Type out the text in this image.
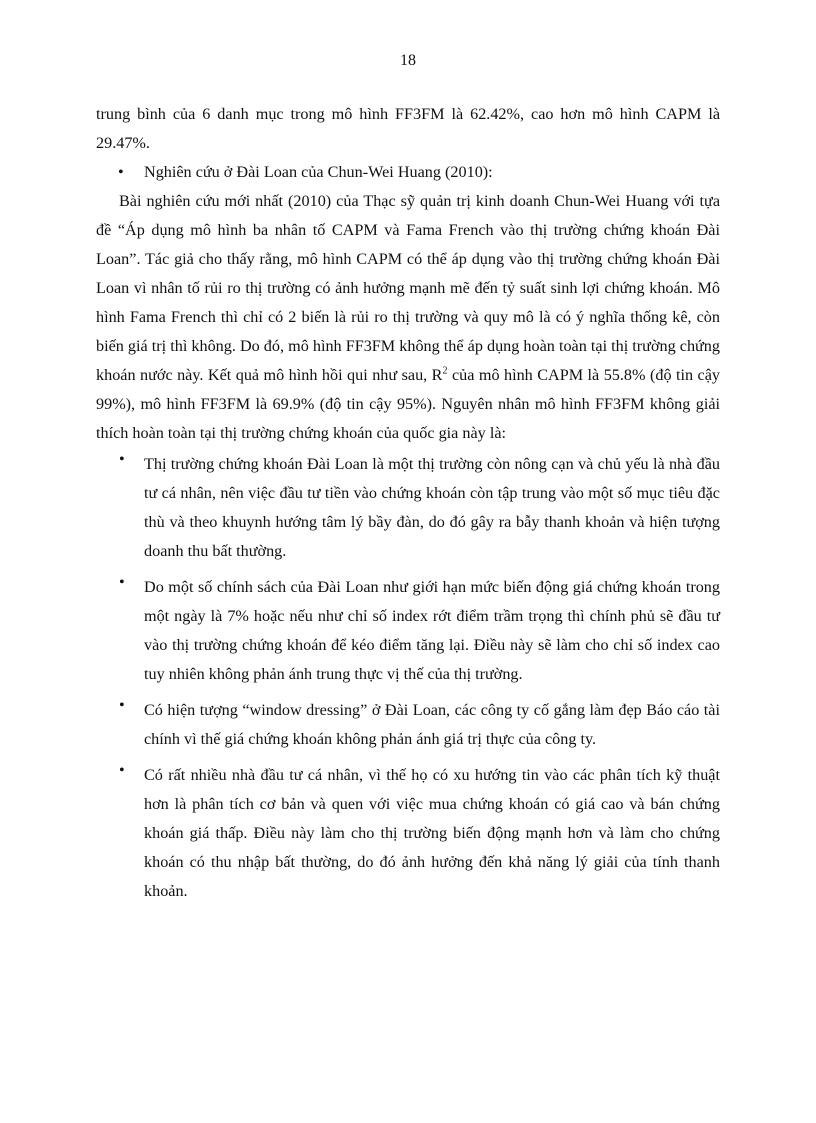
18

trung bình của 6 danh mục trong mô hình FF3FM là 62.42%, cao hơn mô hình CAPM là 29.47%.

•	Nghiên cứu ở Đài Loan của Chun-Wei Huang (2010):

Bài nghiên cứu mới nhất (2010) của Thạc sỹ quản trị kinh doanh Chun-Wei Huang với tựa đề “Áp dụng mô hình ba nhân tố CAPM và Fama French vào thị trường chứng khoán Đài Loan”. Tác giả cho thấy rằng, mô hình CAPM có thể áp dụng vào thị trường chứng khoán Đài Loan vì nhân tố rủi ro thị trường có ảnh hưởng mạnh mẽ đến tỷ suất sinh lợi chứng khoán. Mô hình Fama French thì chỉ có 2 biến là rủi ro thị trường và quy mô là có ý nghĩa thống kê, còn biến giá trị thì không. Do đó, mô hình FF3FM không thể áp dụng hoàn toàn tại thị trường chứng khoán nước này. Kết quả mô hình hồi qui như sau, $R^2$ của mô hình CAPM là 55.8% (độ tin cậy 99%), mô hình FF3FM là 69.9% (độ tin cậy 95%). Nguyên nhân mô hình FF3FM không giải thích hoàn toàn tại thị trường chứng khoán của quốc gia này là:

•	Thị trường chứng khoán Đài Loan là một thị trường còn nông cạn và chủ yếu là nhà đầu tư cá nhân, nên việc đầu tư tiền vào chứng khoán còn tập trung vào một số mục tiêu đặc thù và theo khuynh hướng tâm lý bầy đàn, do đó gây ra bẫy thanh khoản và hiện tượng doanh thu bất thường.

•	Do một số chính sách của Đài Loan như giới hạn mức biến động giá chứng khoán trong một ngày là 7% hoặc nếu như chỉ số index rớt điểm trầm trọng thì chính phủ sẽ đầu tư vào thị trường chứng khoán để kéo điểm tăng lại. Điều này sẽ làm cho chỉ số index cao tuy nhiên không phản ánh trung thực vị thế của thị trường.

•	Có hiện tượng “window dressing” ở Đài Loan, các công ty cố gắng làm đẹp Báo cáo tài chính vì thế giá chứng khoán không phản ánh giá trị thực của công ty.

•	Có rất nhiều nhà đầu tư cá nhân, vì thế họ có xu hướng tin vào các phân tích kỹ thuật hơn là phân tích cơ bản và quen với việc mua chứng khoán có giá cao và bán chứng khoán giá thấp. Điều này làm cho thị trường biến động mạnh hơn và làm cho chứng khoán có thu nhập bất thường, do đó ảnh hưởng đến khả năng lý giải của tính thanh khoản.
